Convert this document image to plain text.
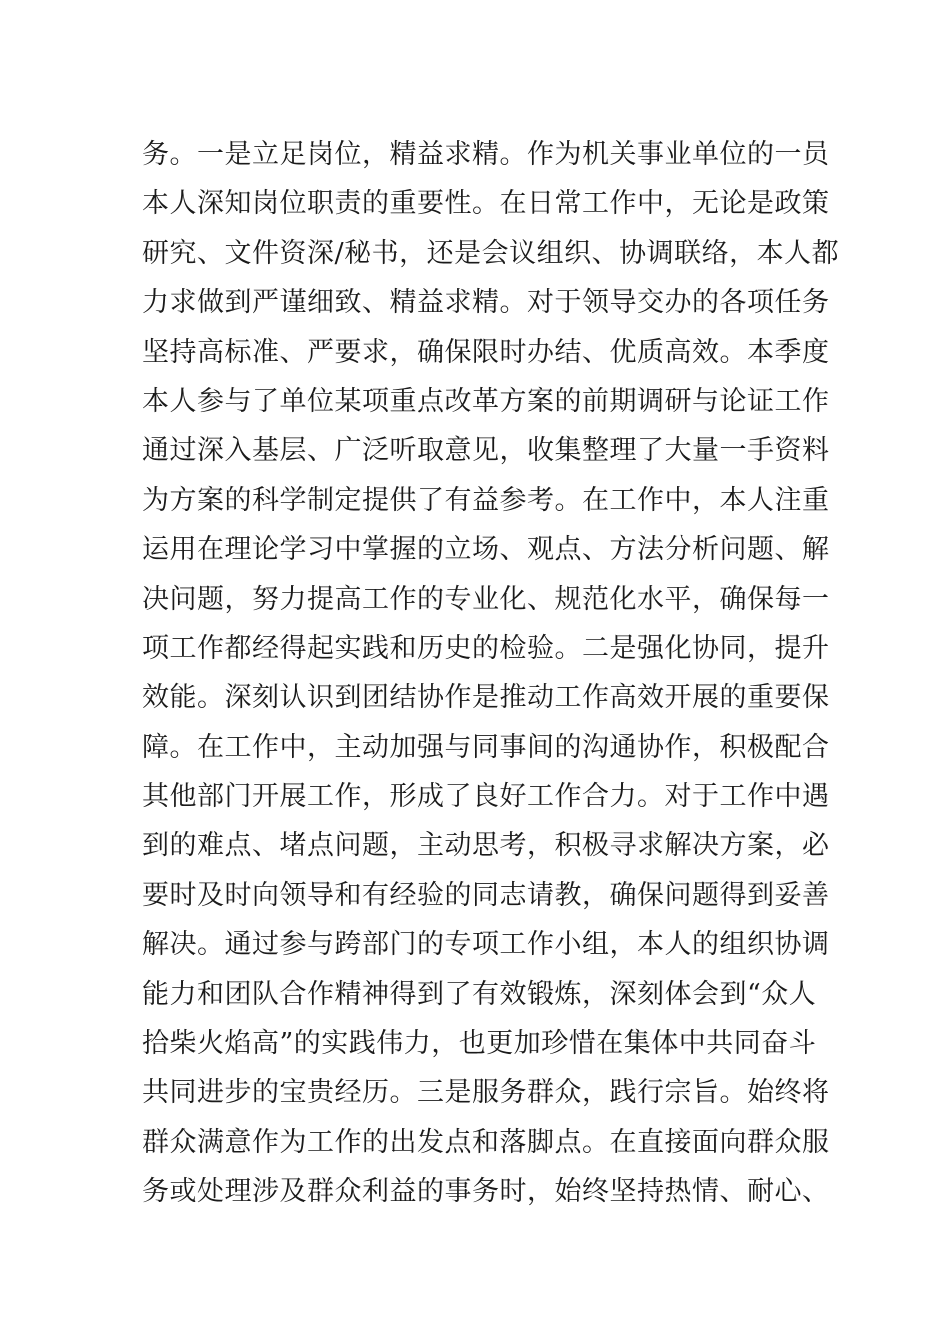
务。一是立足岗位，精益求精。作为机关事业单位的一员
本人深知岗位职责的重要性。在日常工作中，无论是政策
研究、文件资深/秘书，还是会议组织、协调联络，本人都
力求做到严谨细致、精益求精。对于领导交办的各项任务
坚持高标准、严要求，确保限时办结、优质高效。本季度
本人参与了单位某项重点改革方案的前期调研与论证工作
通过深入基层、广泛听取意见，收集整理了大量一手资料
为方案的科学制定提供了有益参考。在工作中，本人注重
运用在理论学习中掌握的立场、观点、方法分析问题、解
决问题，努力提高工作的专业化、规范化水平，确保每一
项工作都经得起实践和历史的检验。二是强化协同，提升
效能。深刻认识到团结协作是推动工作高效开展的重要保
障。在工作中，主动加强与同事间的沟通协作，积极配合
其他部门开展工作，形成了良好工作合力。对于工作中遇
到的难点、堵点问题，主动思考，积极寻求解决方案，必
要时及时向领导和有经验的同志请教，确保问题得到妥善
解决。通过参与跨部门的专项工作小组，本人的组织协调
能力和团队合作精神得到了有效锻炼，深刻体会到“众人
拾柴火焰高”的实践伟力，也更加珍惜在集体中共同奋斗
共同进步的宝贵经历。三是服务群众，践行宗旨。始终将
群众满意作为工作的出发点和落脚点。在直接面向群众服
务或处理涉及群众利益的事务时，始终坚持热情、耐心、
